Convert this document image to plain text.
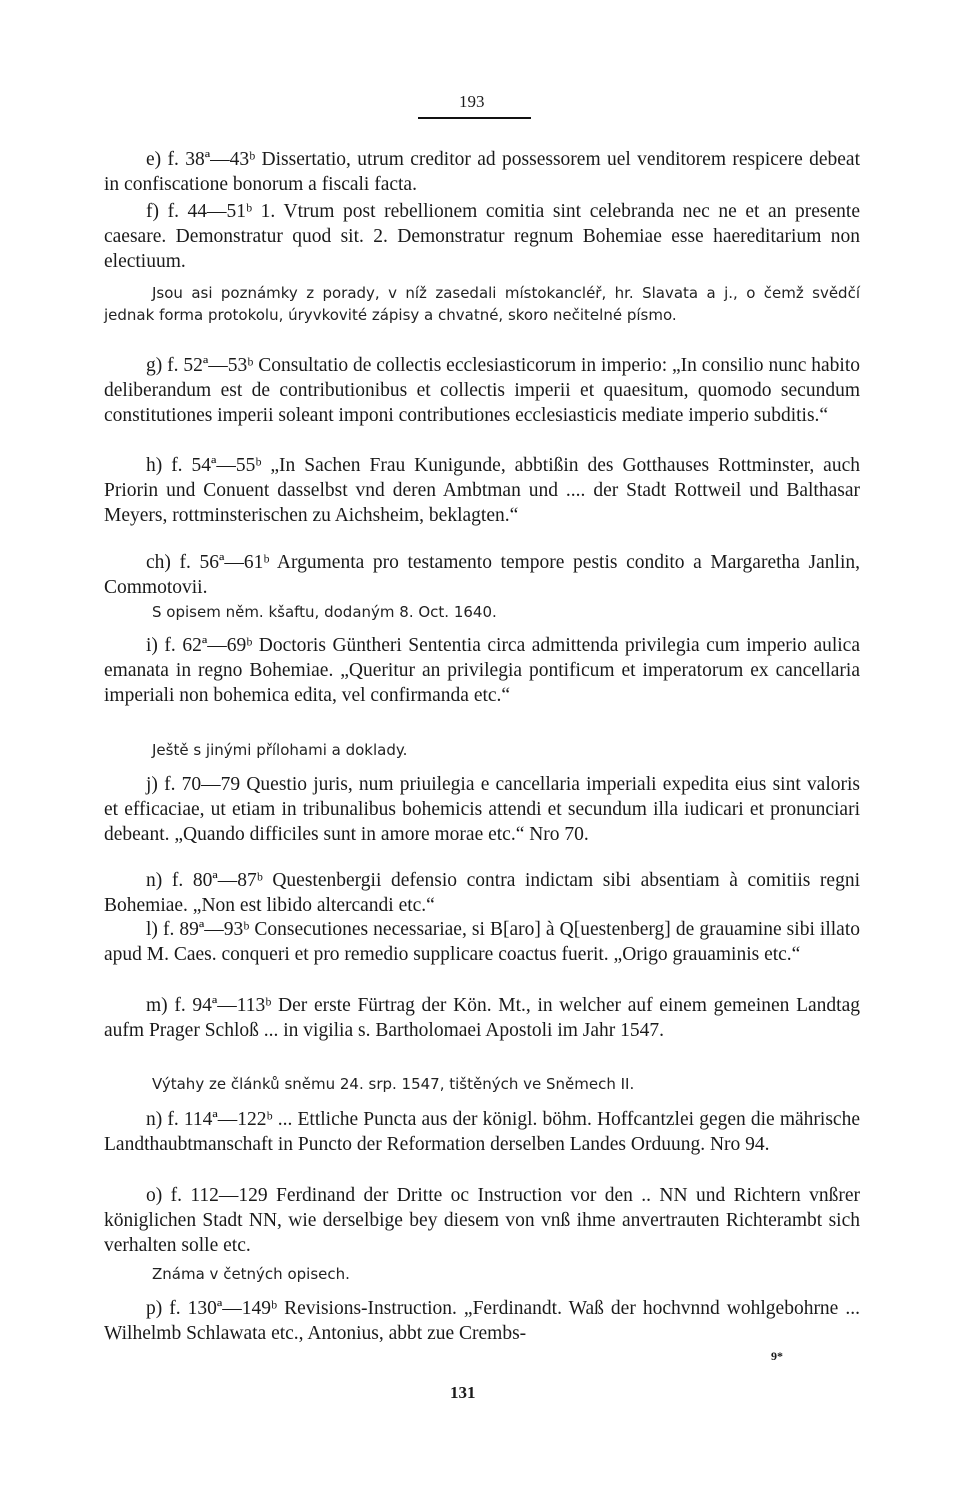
193

e) f. 38ª—43ᵇ Dissertatio, utrum creditor ad possessorem uel venditorem respicere debeat in confiscatione bonorum a fiscali facta.

f) f. 44—51ᵇ 1. Vtrum post rebellionem comitia sint celebranda nec ne et an presente caesare. Demonstratur quod sit. 2. Demonstratur regnum Bohemiae esse haereditarium non electiuum.

Jsou asi poznámky z porady, v níž zasedali místokancléř, hr. Slavata a j., o čemž svědčí jednak forma protokolu, úryvkovité zápisy a chvatné, skoro nečitelné písmo.

g) f. 52ª—53ᵇ Consultatio de collectis ecclesiasticorum in imperio: „In consilio nunc habito deliberandum est de contributionibus et collectis imperii et quaesitum, quomodo secundum constitutiones imperii soleant imponi contributiones ecclesiasticis mediate imperio subditis.“

h) f. 54ª—55ᵇ „In Sachen Frau Kunigunde, abbtißin des Gotthauses Rottminster, auch Priorin und Conuent dasselbst vnd deren Ambtman und .... der Stadt Rottweil und Balthasar Meyers, rottminsterischen zu Aichsheim, beklagten.“

ch) f. 56ª—61ᵇ Argumenta pro testamento tempore pestis condito a Margaretha Janlin, Commotovii.

S opisem něm. kšaftu, dodaným 8. Oct. 1640.

i) f. 62ª—69ᵇ Doctoris Güntheri Sententia circa admittenda privilegia cum imperio aulica emanata in regno Bohemiae. „Queritur an privilegia pontificum et imperatorum ex cancellaria imperiali non bohemica edita, vel confirmanda etc.“

Ještě s jinými přílohami a doklady.

j) f. 70—79 Questio juris, num priuilegia e cancellaria imperiali expedita eius sint valoris et efficaciae, ut etiam in tribunalibus bohemicis attendi et secundum illa iudicari et pronunciari debeant. „Quando difficiles sunt in amore morae etc.“ Nro 70.

n) f. 80ª—87ᵇ Questenbergii defensio contra indictam sibi absentiam à comitiis regni Bohemiae. „Non est libido altercandi etc.“

l) f. 89ª—93ᵇ Consecutiones necessariae, si B[aro] à Q[uestenberg] de grauamine sibi illato apud M. Caes. conqueri et pro remedio supplicare coactus fuerit. „Origo grauaminis etc.“

m) f. 94ª—113ᵇ Der erste Fürtrag der Kön. Mt., in welcher auf einem gemeinen Landtag aufm Prager Schloß ... in vigilia s. Bartholomaei Apostoli im Jahr 1547.

Výtahy ze článků sněmu 24. srp. 1547, tištěných ve Sněmech II.

n) f. 114ª—122ᵇ ... Ettliche Puncta aus der königl. böhm. Hoffcantzlei gegen die mährische Landthaubtmanschaft in Puncto der Reformation derselben Landes Orduung. Nro 94.

o) f. 112—129 Ferdinand der Dritte oc Instruction vor den .. NN und Richtern vnßrer königlichen Stadt NN, wie derselbige bey diesem von vnß ihme anvertrauten Richterambt sich verhalten solle etc.

Známa v četných opisech.

p) f. 130ª—149ᵇ Revisions-Instruction. „Ferdinandt. Waß der hochvnnd wohlgebohrne ... Wilhelmb Schlawata etc., Antonius, abbt zue Crembs-

9*
131
